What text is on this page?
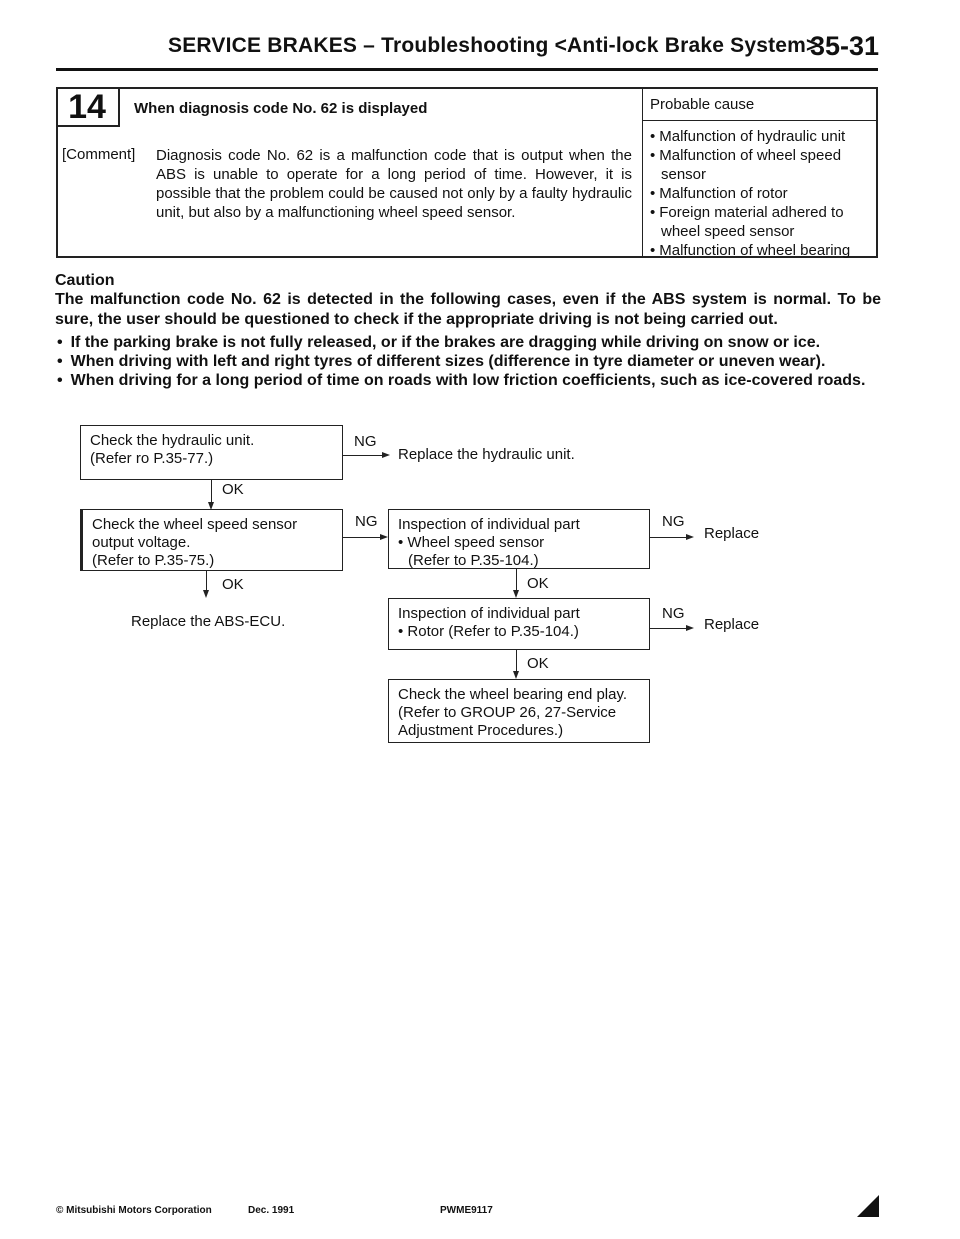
SERVICE BRAKES – Troubleshooting <Anti-lock Brake System>
35-31
14	When diagnosis code No. 62 is displayed
[Comment] Diagnosis code No. 62 is a malfunction code that is output when the ABS is unable to operate for a long period of time. However, it is possible that the problem could be caused not only by a faulty hydraulic unit, but also by a malfunctioning wheel speed sensor.
Probable cause
• Malfunction of hydraulic unit
• Malfunction of wheel speed sensor
• Malfunction of rotor
• Foreign material adhered to wheel speed sensor
• Malfunction of wheel bearing
Caution
The malfunction code No. 62 is detected in the following cases, even if the ABS system is normal. To be sure, the user should be questioned to check if the appropriate driving is not being carried out.
• If the parking brake is not fully released, or if the brakes are dragging while driving on snow or ice.
• When driving with left and right tyres of different sizes (difference in tyre diameter or uneven wear).
• When driving for a long period of time on roads with low friction coefficients, such as ice-covered roads.
Check the hydraulic unit.
(Refer ro P.35-77.)
NG
Replace the hydraulic unit.
OK
Check the wheel speed sensor
output voltage.
(Refer to P.35-75.)
NG Inspection of individual part
• Wheel speed sensor
(Refer to P.35-104.)
NG
Replace
OK
Replace the ABS-ECU.
OK
Inspection of individual part
• Rotor (Refer to P.35-104.)
NG
Replace
OK
Check the wheel bearing end play.
(Refer to GROUP 26, 27-Service
Adjustment Procedures.)
© Mitsubishi Motors Corporation	Dec. 1991	PWME9117
